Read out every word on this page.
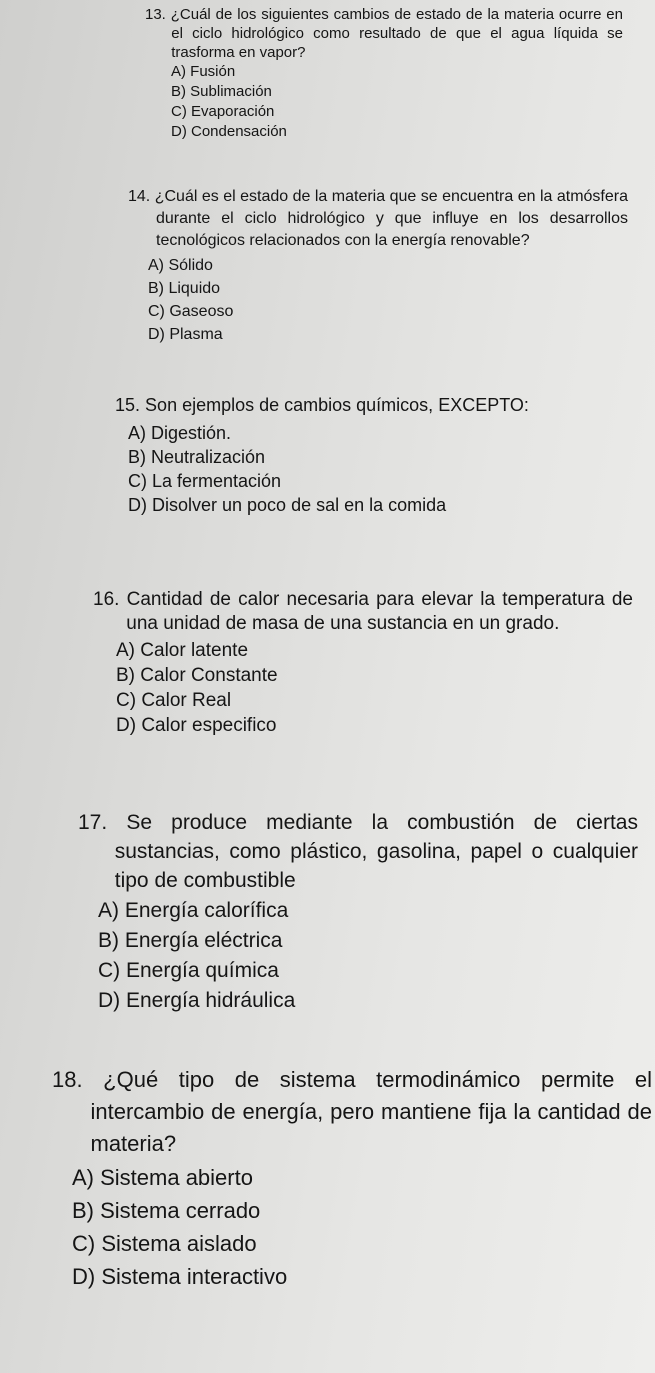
13. ¿Cuál de los siguientes cambios de estado de la materia ocurre en el ciclo hidrológico como resultado de que el agua líquida se trasforma en vapor?
A) Fusión
B) Sublimación
C) Evaporación
D) Condensación
14. ¿Cuál es el estado de la materia que se encuentra en la atmósfera durante el ciclo hidrológico y que influye en los desarrollos tecnológicos relacionados con la energía renovable?
A) Sólido
B) Liquido
C) Gaseoso
D) Plasma
15. Son ejemplos de cambios químicos, EXCEPTO:
A) Digestión.
B) Neutralización
C) La fermentación
D) Disolver un poco de sal en la comida
16. Cantidad de calor necesaria para elevar la temperatura de una unidad de masa de una sustancia en un grado.
A) Calor latente
B) Calor Constante
C) Calor Real
D) Calor especifico
17. Se produce mediante la combustión de ciertas sustancias, como plástico, gasolina, papel o cualquier tipo de combustible
A) Energía calorífica
B) Energía eléctrica
C) Energía química
D) Energía hidráulica
18. ¿Qué tipo de sistema termodinámico permite el intercambio de energía, pero mantiene fija la cantidad de materia?
A) Sistema abierto
B) Sistema cerrado
C) Sistema aislado
D) Sistema interactivo
